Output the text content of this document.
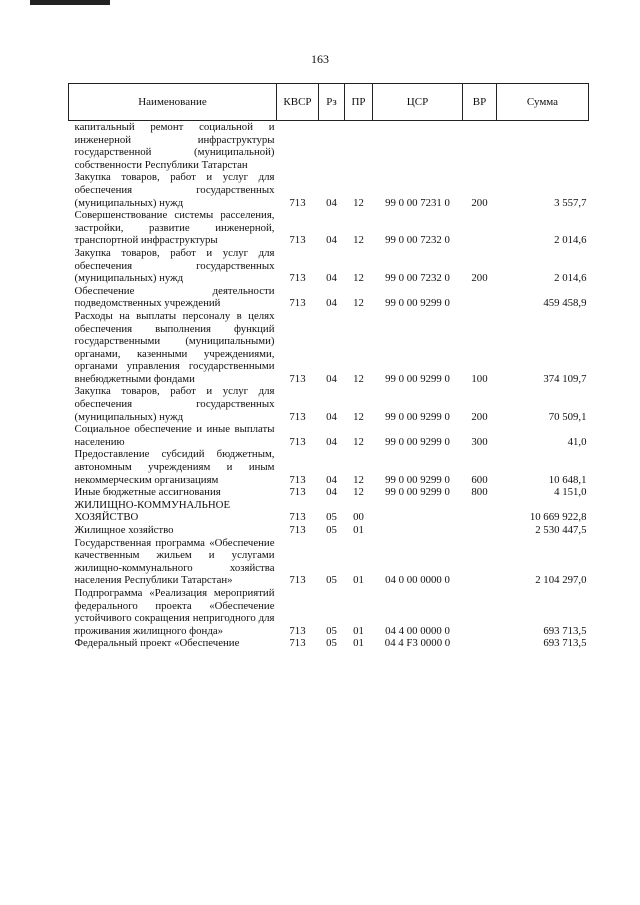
163
Наименование	КВСР	Рз	ПР	ЦСР	ВР	Сумма
капитальный ремонт социальной и инженерной инфраструктуры государственной (муниципальной) собственности Республики Татарстан						
Закупка товаров, работ и услуг для обеспечения государственных (муниципальных) нужд	713	04	12	99 0 00 7231 0	200	3 557,7
Совершенствование системы расселения, застройки, развитие инженерной, транспортной инфраструктуры	713	04	12	99 0 00 7232 0		2 014,6
Закупка товаров, работ и услуг для обеспечения государственных (муниципальных) нужд	713	04	12	99 0 00 7232 0	200	2 014,6
Обеспечение деятельности подведомственных учреждений	713	04	12	99 0 00 9299 0		459 458,9
Расходы на выплаты персоналу в целях обеспечения выполнения функций государственными (муниципальными) органами, казенными учреждениями, органами управления государственными внебюджетными фондами	713	04	12	99 0 00 9299 0	100	374 109,7
Закупка товаров, работ и услуг для обеспечения государственных (муниципальных) нужд	713	04	12	99 0 00 9299 0	200	70 509,1
Социальное обеспечение и иные выплаты населению	713	04	12	99 0 00 9299 0	300	41,0
Предоставление субсидий бюджетным, автономным учреждениям и иным некоммерческим организациям	713	04	12	99 0 00 9299 0	600	10 648,1
Иные бюджетные ассигнования	713	04	12	99 0 00 9299 0	800	4 151,0
ЖИЛИЩНО-КОММУНАЛЬНОЕ ХОЗЯЙСТВО	713	05	00			10 669 922,8
Жилищное хозяйство	713	05	01			2 530 447,5
Государственная программа «Обеспечение качественным жильем и услугами жилищно-коммунального хозяйства населения Республики Татарстан»	713	05	01	04 0 00 0000 0		2 104 297,0
Подпрограмма «Реализация мероприятий федерального проекта «Обеспечение устойчивого сокращения непригодного для проживания жилищного фонда»	713	05	01	04 4 00 0000 0		693 713,5
Федеральный проект «Обеспечение	713	05	01	04 4 F3 0000 0		693 713,5
